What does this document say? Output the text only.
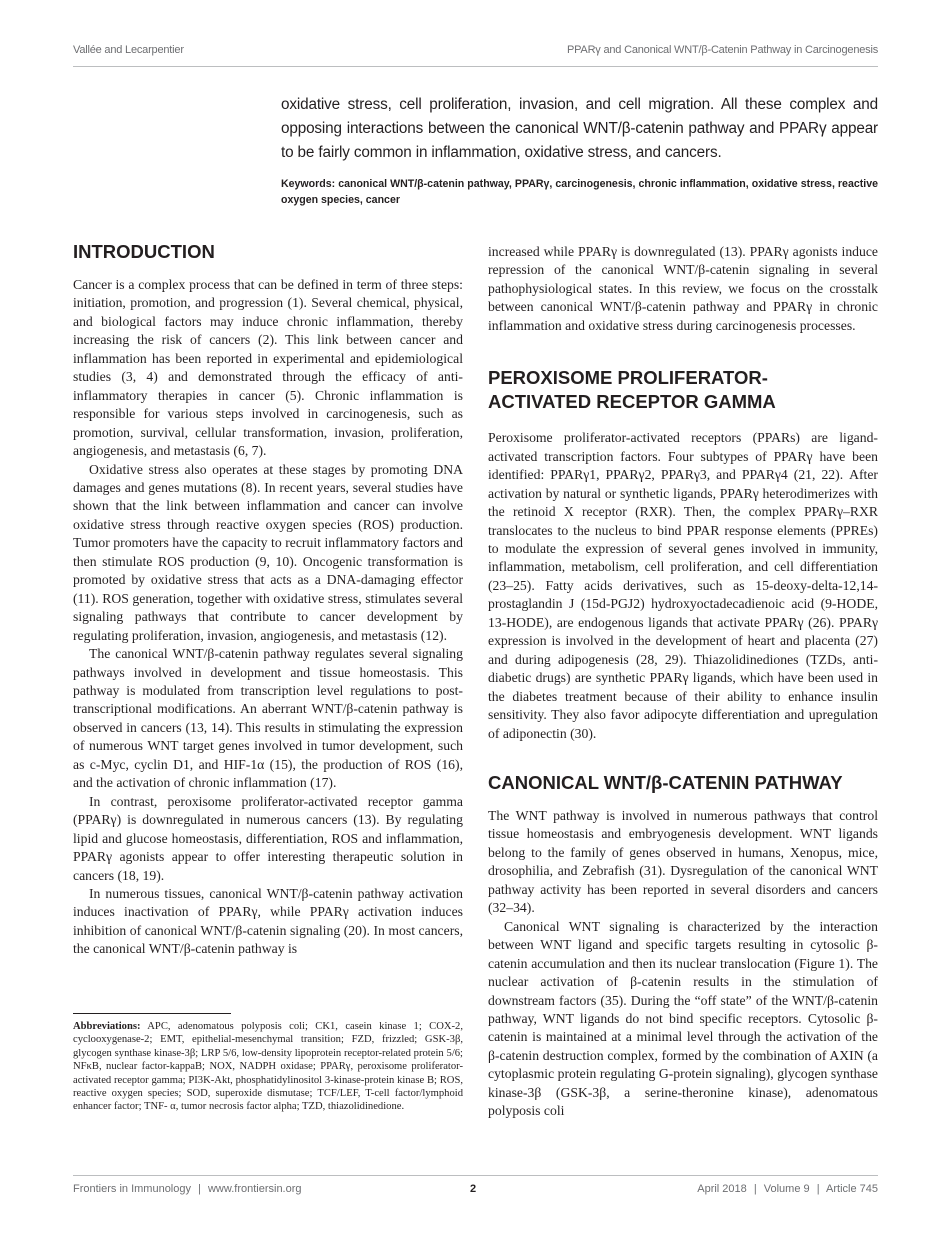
Vallée and Lecarpentier	PPARγ and Canonical WNT/β-Catenin Pathway in Carcinogenesis
oxidative stress, cell proliferation, invasion, and cell migration. All these complex and opposing interactions between the canonical WNT/β-catenin pathway and PPARγ appear to be fairly common in inflammation, oxidative stress, and cancers.
Keywords: canonical WNT/β-catenin pathway, PPARγ, carcinogenesis, chronic inflammation, oxidative stress, reactive oxygen species, cancer
INTRODUCTION

Cancer is a complex process that can be defined in term of three steps: initiation, promotion, and progression (1). Several chemical, physical, and biological factors may induce chronic inflammation, thereby increasing the risk of cancers (2). This link between cancer and inflammation has been reported in experimental and epidemiological studies (3, 4) and demonstrated through the efficacy of anti-inflammatory therapies in cancer (5). Chronic inflammation is responsible for various steps involved in carcinogenesis, such as promotion, survival, cellular transformation, invasion, proliferation, angiogenesis, and metastasis (6, 7).

Oxidative stress also operates at these stages by promoting DNA damages and genes mutations (8). In recent years, several studies have shown that the link between inflammation and cancer can involve oxidative stress through reactive oxygen species (ROS) production. Tumor promoters have the capacity to recruit inflammatory factors and then stimulate ROS production (9, 10). Oncogenic transformation is promoted by oxidative stress that acts as a DNA-damaging effector (11). ROS generation, together with oxidative stress, stimulates several signaling pathways that contribute to cancer development by regulating proliferation, invasion, angiogenesis, and metastasis (12).

The canonical WNT/β-catenin pathway regulates several signaling pathways involved in development and tissue homeostasis. This pathway is modulated from transcription level regulations to post-transcriptional modifications. An aberrant WNT/β-catenin pathway is observed in cancers (13, 14). This results in stimulating the expression of numerous WNT target genes involved in tumor development, such as c-Myc, cyclin D1, and HIF-1α (15), the production of ROS (16), and the activation of chronic inflammation (17).

In contrast, peroxisome proliferator-activated receptor gamma (PPARγ) is downregulated in numerous cancers (13). By regulating lipid and glucose homeostasis, differentiation, ROS and inflammation, PPARγ agonists appear to offer interesting therapeutic solution in cancers (18, 19).

In numerous tissues, canonical WNT/β-catenin pathway activation induces inactivation of PPARγ, while PPARγ activation induces inhibition of canonical WNT/β-catenin signaling (20). In most cancers, the canonical WNT/β-catenin pathway is

Abbreviations: APC, adenomatous polyposis coli; CK1, casein kinase 1; COX-2, cyclooxygenase-2; EMT, epithelial-mesenchymal transition; FZD, frizzled; GSK-3β, glycogen synthase kinase-3β; LRP 5/6, low-density lipoprotein receptor-related protein 5/6; NFκB, nuclear factor-kappaB; NOX, NADPH oxidase; PPARγ, peroxisome proliferator-activated receptor gamma; PI3K-Akt, phosphatidylinositol 3-kinase-protein kinase B; ROS, reactive oxygen species; SOD, superoxide dismutase; TCF/LEF, T-cell factor/lymphoid enhancer factor; TNF- α, tumor necrosis factor alpha; TZD, thiazolidinedione.

increased while PPARγ is downregulated (13). PPARγ agonists induce repression of the canonical WNT/β-catenin signaling in several pathophysiological states. In this review, we focus on the crosstalk between canonical WNT/β-catenin pathway and PPARγ in chronic inflammation and oxidative stress during carcinogenesis processes.

PEROXISOME PROLIFERATOR-ACTIVATED RECEPTOR GAMMA

Peroxisome proliferator-activated receptors (PPARs) are ligand-activated transcription factors. Four subtypes of PPARγ have been identified: PPARγ1, PPARγ2, PPARγ3, and PPARγ4 (21, 22). After activation by natural or synthetic ligands, PPARγ heterodimerizes with the retinoid X receptor (RXR). Then, the complex PPARγ–RXR translocates to the nucleus to bind PPAR response elements (PPREs) to modulate the expression of several genes involved in immunity, inflammation, metabolism, cell proliferation, and cell differentiation (23–25). Fatty acids derivatives, such as 15-deoxy-delta-12,14-prostaglandin J (15d-PGJ2) hydroxyoctadecadienoic acid (9-HODE, 13-HODE), are endogenous ligands that activate PPARγ (26). PPARγ expression is involved in the development of heart and placenta (27) and during adipogenesis (28, 29). Thiazolidinediones (TZDs, antidiabetic drugs) are synthetic PPARγ ligands, which have been used in the diabetes treatment because of their ability to enhance insulin sensitivity. They also favor adipocyte differentiation and upregulation of adiponectin (30).

CANONICAL WNT/β-CATENIN PATHWAY

The WNT pathway is involved in numerous pathways that control tissue homeostasis and embryogenesis development. WNT ligands belong to the family of genes observed in humans, Xenopus, mice, drosophilia, and Zebrafish (31). Dysregulation of the canonical WNT pathway activity has been reported in several disorders and cancers (32–34).

Canonical WNT signaling is characterized by the interaction between WNT ligand and specific targets resulting in cytosolic β-catenin accumulation and then its nuclear translocation (Figure 1). The nuclear activation of β-catenin results in the stimulation of downstream factors (35). During the “off state” of the WNT/β-catenin pathway, WNT ligands do not bind specific receptors. Cytosolic β-catenin is maintained at a minimal level through the activation of the β-catenin destruction complex, formed by the combination of AXIN (a cytoplasmic protein regulating G-protein signaling), glycogen synthase kinase-3β (GSK-3β, a serine-theronine kinase), adenomatous polyposis coli

Frontiers in Immunology | www.frontiersin.org	2	April 2018 | Volume 9 | Article 745
